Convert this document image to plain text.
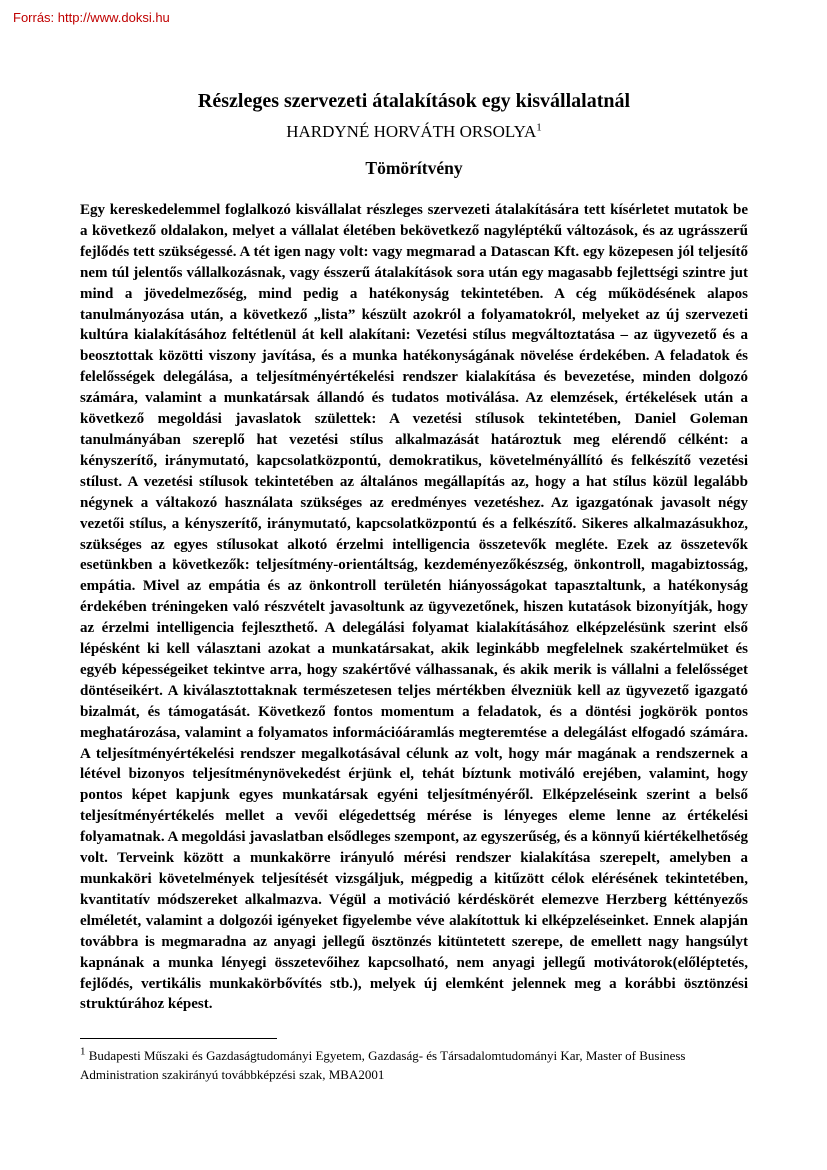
Forrás: http://www.doksi.hu
Részleges szervezeti átalakítások egy kisvállalatnál
HARDYNÉ HORVÁTH ORSOLYA$^1$
Tömörítvény

Egy kereskedelemmel foglalkozó kisvállalat részleges szervezeti átalakítására tett kísérletet mutatok be a következő oldalakon, melyet a vállalat életében bekövetkező nagyléptékű változások, és az ugrásszerű fejlődés tett szükségessé. A tét igen nagy volt: vagy megmarad a Datascan Kft. egy közepesen jól teljesítő nem túl jelentős vállalkozásnak, vagy ésszerű átalakítások sora után egy magasabb fejlettségi szintre jut mind a jövedelmezőség, mind pedig a hatékonyság tekintetében. A cég működésének alapos tanulmányozása után, a következő „lista” készült azokról a folyamatokról, melyeket az új szervezeti kultúra kialakításához feltétlenül át kell alakítani: Vezetési stílus megváltoztatása – az ügyvezető és a beosztottak közötti viszony javítása, és a munka hatékonyságának növelése érdekében. A feladatok és felelősségek delegálása, a teljesítményértékelési rendszer kialakítása és bevezetése, minden dolgozó számára, valamint a munkatársak állandó és tudatos motiválása. Az elemzések, értékelések után a következő megoldási javaslatok születtek: A vezetési stílusok tekintetében, Daniel Goleman tanulmányában szereplő hat vezetési stílus alkalmazását határoztuk meg elérendő célként: a kényszerítő, iránymutató, kapcsolatközpontú, demokratikus, követelményállító és felkészítő vezetési stílust. A vezetési stílusok tekintetében az általános megállapítás az, hogy a hat stílus közül legalább négynek a váltakozó használata szükséges az eredményes vezetéshez. Az igazgatónak javasolt négy vezetői stílus, a kényszerítő, iránymutató, kapcsolatközpontú és a felkészítő. Sikeres alkalmazásukhoz, szükséges az egyes stílusokat alkotó érzelmi intelligencia összetevők megléte. Ezek az összetevők esetünkben a következők: teljesítmény-orientáltság, kezdeményezőkészség, önkontroll, magabiztosság, empátia. Mivel az empátia és az önkontroll területén hiányosságokat tapasztaltunk, a hatékonyság érdekében tréningeken való részvételt javasoltunk az ügyvezetőnek, hiszen kutatások bizonyítják, hogy az érzelmi intelligencia fejleszthető. A delegálási folyamat kialakításához elképzelésünk szerint első lépésként ki kell választani azokat a munkatársakat, akik leginkább megfelelnek szakértelmüket és egyéb képességeiket tekintve arra, hogy szakértővé válhassanak, és akik merik is vállalni a felelősséget döntéseikért. A kiválasztottaknak természetesen teljes mértékben élvezniük kell az ügyvezető igazgató bizalmát, és támogatását. Következő fontos momentum a feladatok, és a döntési jogkörök pontos meghatározása, valamint a folyamatos információáramlás megteremtése a delegálást elfogadó számára. A teljesítményértékelési rendszer megalkotásával célunk az volt, hogy már magának a rendszernek a létével bizonyos teljesítménynövekedést érjünk el, tehát bíztunk motiváló erejében, valamint, hogy pontos képet kapjunk egyes munkatársak egyéni teljesítményéről. Elképzeléseink szerint a belső teljesítményértékelés mellet a vevői elégedettség mérése is lényeges eleme lenne az értékelési folyamatnak. A megoldási javaslatban elsődleges szempont, az egyszerűség, és a könnyű kiértékelhetőség volt. Terveink között a munkakörre irányuló mérési rendszer kialakítása szerepelt, amelyben a munkaköri követelmények teljesítését vizsgáljuk, mégpedig a kitűzött célok elérésének tekintetében, kvantitatív módszereket alkalmazva. Végül a motiváció kérdéskörét elemezve Herzberg kéttényezős elméletét, valamint a dolgozói igényeket figyelembe véve alakítottuk ki elképzeléseinket. Ennek alapján továbbra is megmaradna az anyagi jellegű ösztönzés kitüntetett szerepe, de emellett nagy hangsúlyt kapnának a munka lényegi összetevőihez kapcsolható, nem anyagi jellegű motivátorok(előléptetés, fejlődés, vertikális munkakörbővítés stb.), melyek új elemként jelennek meg a korábbi ösztönzési struktúrához képest.

$^1$ Budapesti Műszaki és Gazdaságtudományi Egyetem, Gazdaság- és Társadalomtudományi Kar, Master of Business Administration szakirányú továbbképzési szak, MBA2001
